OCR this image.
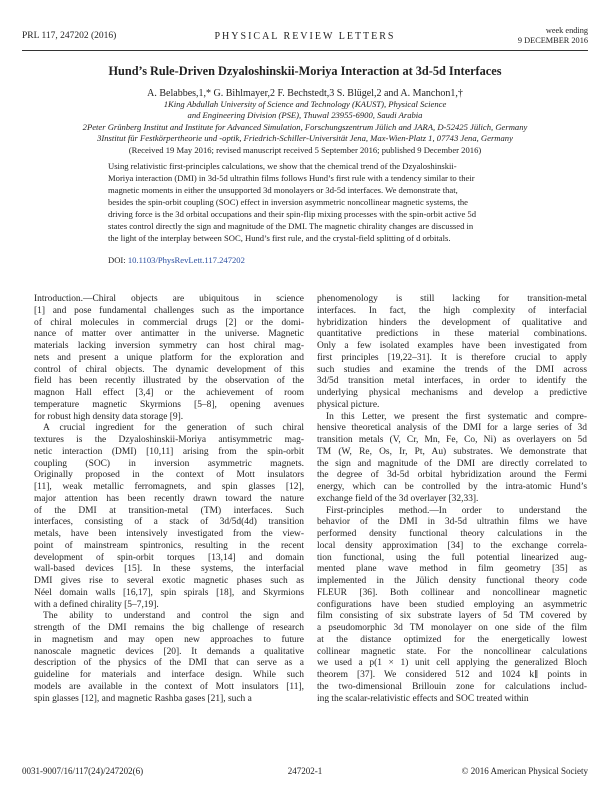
PRL 117, 247202 (2016)	PHYSICAL REVIEW LETTERS
week ending
9 DECEMBER 2016
Hund’s Rule-Driven Dzyaloshinskii-Moriya Interaction at 3d-5d Interfaces
A. Belabbes,1,* G. Bihlmayer,2 F. Bechstedt,3 S. Blügel,2 and A. Manchon1,†
1King Abdullah University of Science and Technology (KAUST), Physical Science
and Engineering Division (PSE), Thuwal 23955-6900, Saudi Arabia
2Peter Grünberg Institut and Institute for Advanced Simulation, Forschungszentrum Jülich and JARA, D-52425 Jülich, Germany
3Institut für Festkörpertheorie und -optik, Friedrich-Schiller-Universität Jena, Max-Wien-Platz 1, 07743 Jena, Germany
(Received 19 May 2016; revised manuscript received 5 September 2016; published 9 December 2016)
Using relativistic first-principles calculations, we show that the chemical trend of the Dzyaloshinskii-
Moriya interaction (DMI) in 3d-5d ultrathin films follows Hund’s first rule with a tendency similar to their
magnetic moments in either the unsupported 3d monolayers or 3d-5d interfaces. We demonstrate that,
besides the spin-orbit coupling (SOC) effect in inversion asymmetric noncollinear magnetic systems, the
driving force is the 3d orbital occupations and their spin-flip mixing processes with the spin-orbit active 5d
states control directly the sign and magnitude of the DMI. The magnetic chirality changes are discussed in
the light of the interplay between SOC, Hund’s first rule, and the crystal-field splitting of d orbitals.
DOI: 10.1103/PhysRevLett.117.247202
Introduction.—Chiral objects are ubiquitous in science
[1] and pose fundamental challenges such as the importance
of chiral molecules in commercial drugs [2] or the domi-
nance of matter over antimatter in the universe. Magnetic
materials lacking inversion symmetry can host chiral mag-
nets and present a unique platform for the exploration and
control of chiral objects. The dynamic development of this
field has been recently illustrated by the observation of the
magnon Hall effect [3,4] or the achievement of room
temperature magnetic Skyrmions [5–8], opening avenues
for robust high density data storage [9].
A crucial ingredient for the generation of such chiral
textures is the Dzyaloshinskii-Moriya antisymmetric mag-
netic interaction (DMI) [10,11] arising from the spin-orbit
coupling (SOC) in inversion asymmetric magnets.
Originally proposed in the context of Mott insulators
[11], weak metallic ferromagnets, and spin glasses [12],
major attention has been recently drawn toward the nature
of the DMI at transition-metal (TM) interfaces. Such
interfaces, consisting of a stack of 3d/5d(4d) transition
metals, have been intensively investigated from the view-
point of mainstream spintronics, resulting in the recent
development of spin-orbit torques [13,14] and domain
wall-based devices [15]. In these systems, the interfacial
DMI gives rise to several exotic magnetic phases such as
Néel domain walls [16,17], spin spirals [18], and Skyrmions
with a defined chirality [5–7,19].
The ability to understand and control the sign and
strength of the DMI remains the big challenge of research
in magnetism and may open new approaches to future
nanoscale magnetic devices [20]. It demands a qualitative
description of the physics of the DMI that can serve as a
guideline for materials and interface design. While such
models are available in the context of Mott insulators [11],
spin glasses [12], and magnetic Rashba gases [21], such a
phenomenology is still lacking for transition-metal
interfaces. In fact, the high complexity of interfacial
hybridization hinders the development of qualitative and
quantitative predictions in these material combinations.
Only a few isolated examples have been investigated from
first principles [19,22–31]. It is therefore crucial to apply
such studies and examine the trends of the DMI across
3d/5d transition metal interfaces, in order to identify the
underlying physical mechanisms and develop a predictive
physical picture.
In this Letter, we present the first systematic and compre-
hensive theoretical analysis of the DMI for a large series of 3d
transition metals (V, Cr, Mn, Fe, Co, Ni) as overlayers on 5d
TM (W, Re, Os, Ir, Pt, Au) substrates. We demonstrate that
the sign and magnitude of the DMI are directly correlated to
the degree of 3d-5d orbital hybridization around the Fermi
energy, which can be controlled by the intra-atomic Hund’s
exchange field of the 3d overlayer [32,33].
First-principles method.—In order to understand the
behavior of the DMI in 3d-5d ultrathin films we have
performed density functional theory calculations in the
local density approximation [34] to the exchange correla-
tion functional, using the full potential linearized aug-
mented plane wave method in film geometry [35] as
implemented in the Jülich density functional theory code
FLEUR [36]. Both collinear and noncollinear magnetic
configurations have been studied employing an asymmetric
film consisting of six substrate layers of 5d TM covered by
a pseudomorphic 3d TM monolayer on one side of the film
at the distance optimized for the energetically lowest
collinear magnetic state. For the noncollinear calculations
we used a p(1 × 1) unit cell applying the generalized Bloch
theorem [37]. We considered 512 and 1024 k∥ points in
the two-dimensional Brillouin zone for calculations includ-
ing the scalar-relativistic effects and SOC treated within
0031-9007/16/117(24)/247202(6)	247202-1	© 2016 American Physical Society
